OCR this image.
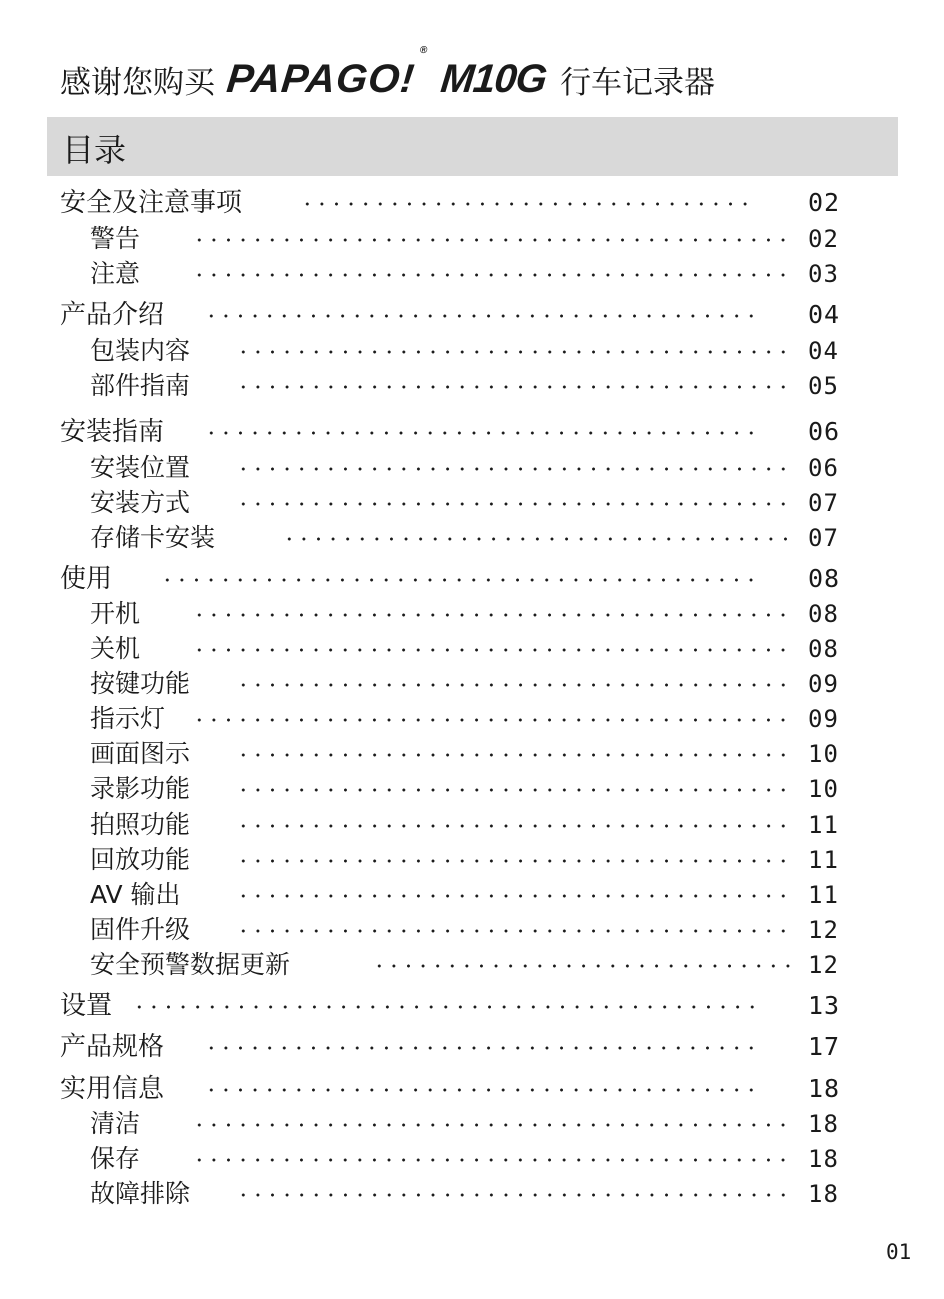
感谢您购买 PAPAGO!®
M10G 行车记录器
目录
安全及注意事项	02
警告	02
注意	03
产品介绍	04
包装内容	04
部件指南	05
安装指南	06
安装位置	06
安装方式	07
存储卡安装	07
使用	08
开机	08
关机	08
按键功能	09
指示灯	09
画面图示	10
录影功能	10
拍照功能	11
回放功能	11
AV 输出	11
固件升级	12
安全预警数据更新	12
设置	13
产品规格	17
实用信息	18
清洁	18
保存	18
故障排除	18
01
